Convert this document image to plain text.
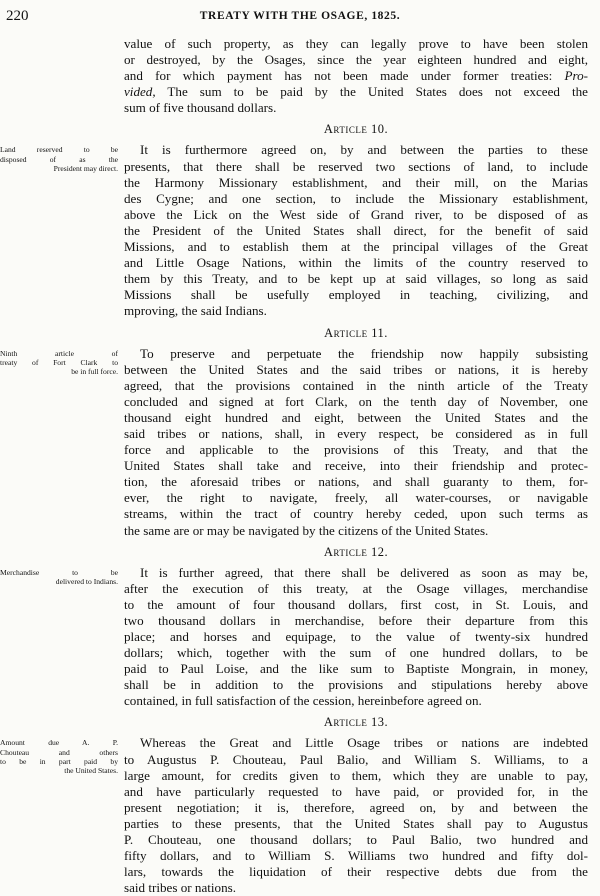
220	TREATY WITH THE OSAGE, 1825.
value of such property, as they can legally prove to have been stolen
or destroyed, by the Osages, since the year eighteen hundred and eight,
and for which payment has not been made under former treaties: Pro-
vided, The sum to be paid by the United States does not exceed the
sum of five thousand dollars.
Article 10.
Land reserved to be
disposed of as the
President may direct.
It is furthermore agreed on, by and between the parties to these
presents, that there shall be reserved two sections of land, to include
the Harmony Missionary establishment, and their mill, on the Marias
des Cygne; and one section, to include the Missionary establishment,
above the Lick on the West side of Grand river, to be disposed of as
the President of the United States shall direct, for the benefit of said
Missions, and to establish them at the principal villages of the Great
and Little Osage Nations, within the limits of the country reserved to
them by this Treaty, and to be kept up at said villages, so long as said
Missions shall be usefully employed in teaching, civilizing, and
mproving, the said Indians.
Article 11.
Ninth article of
treaty of Fort Clark to
be in full force.
To preserve and perpetuate the friendship now happily subsisting
between the United States and the said tribes or nations, it is hereby
agreed, that the provisions contained in the ninth article of the Treaty
concluded and signed at fort Clark, on the tenth day of November, one
thousand eight hundred and eight, between the United States and the
said tribes or nations, shall, in every respect, be considered as in full
force and applicable to the provisions of this Treaty, and that the
United States shall take and receive, into their friendship and protec-
tion, the aforesaid tribes or nations, and shall guaranty to them, for-
ever, the right to navigate, freely, all water-courses, or navigable
streams, within the tract of country hereby ceded, upon such terms as
the same are or may be navigated by the citizens of the United States.
Article 12.
Merchandise to be
delivered to Indians.
It is further agreed, that there shall be delivered as soon as may be,
after the execution of this treaty, at the Osage villages, merchandise
to the amount of four thousand dollars, first cost, in St. Louis, and
two thousand dollars in merchandise, before their departure from this
place; and horses and equipage, to the value of twenty-six hundred
dollars; which, together with the sum of one hundred dollars, to be
paid to Paul Loise, and the like sum to Baptiste Mongrain, in money,
shall be in addition to the provisions and stipulations hereby above
contained, in full satisfaction of the cession, hereinbefore agreed on.
Article 13.
Amount due A. P.
Chouteau and others
to be in part paid by
the United States.
Whereas the Great and Little Osage tribes or nations are indebted
to Augustus P. Chouteau, Paul Balio, and William S. Williams, to a
large amount, for credits given to them, which they are unable to pay,
and have particularly requested to have paid, or provided for, in the
present negotiation; it is, therefore, agreed on, by and between the
parties to these presents, that the United States shall pay to Augustus
P. Chouteau, one thousand dollars; to Paul Balio, two hundred and
fifty dollars, and to William S. Williams two hundred and fifty dol-
lars, towards the liquidation of their respective debts due from the
said tribes or nations.
